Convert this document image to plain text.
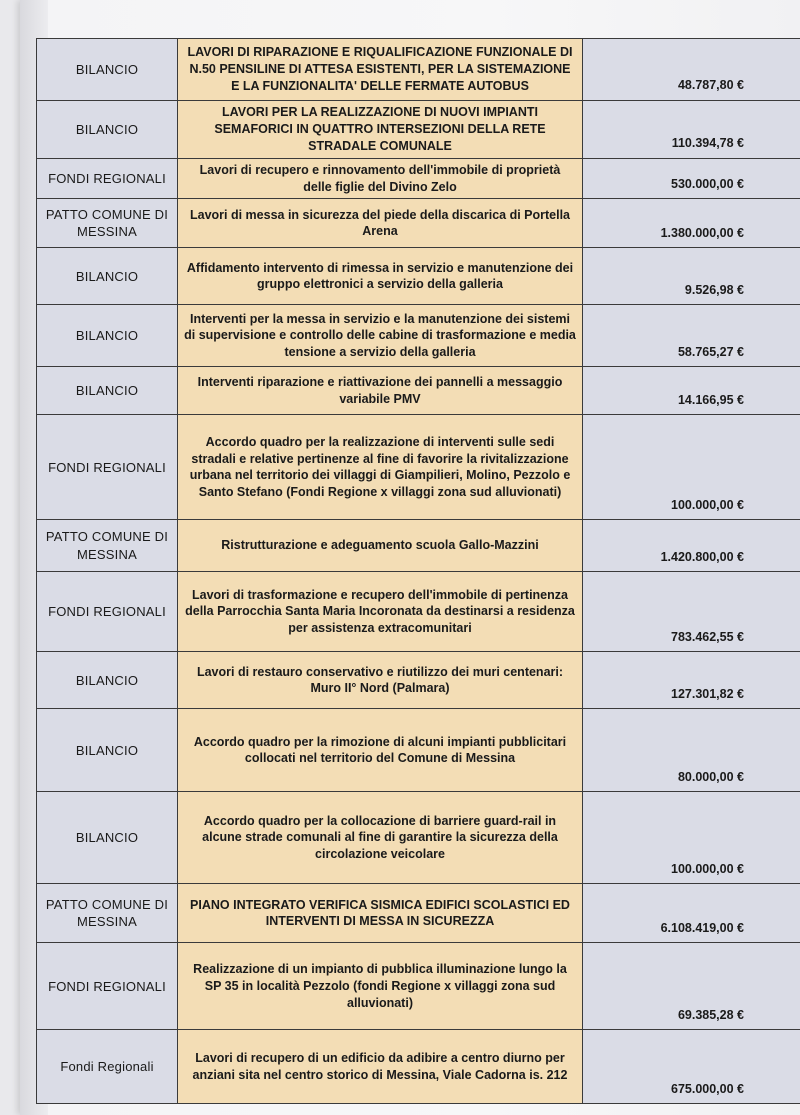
BILANCIO	LAVORI DI RIPARAZIONE E RIQUALIFICAZIONE FUNZIONALE DI N.50 PENSILINE DI ATTESA ESISTENTI, PER LA SISTEMAZIONE E LA FUNZIONALITA' DELLE FERMATE AUTOBUS	48.787,80 €
BILANCIO	LAVORI PER LA REALIZZAZIONE DI NUOVI IMPIANTI SEMAFORICI IN QUATTRO INTERSEZIONI DELLA RETE STRADALE COMUNALE	110.394,78 €
FONDI REGIONALI	Lavori di recupero e rinnovamento dell'immobile di proprietà delle figlie del Divino Zelo	530.000,00 €
PATTO COMUNE DI MESSINA	Lavori di messa in sicurezza del piede della discarica di Portella Arena	1.380.000,00 €
BILANCIO	Affidamento intervento di rimessa in servizio e manutenzione dei gruppo elettronici a servizio della galleria	9.526,98 €
BILANCIO	Interventi per la messa in servizio e la manutenzione dei sistemi di supervisione e controllo delle cabine di trasformazione e media tensione a servizio della galleria	58.765,27 €
BILANCIO	Interventi riparazione e riattivazione dei pannelli a messaggio variabile PMV	14.166,95 €
FONDI REGIONALI	Accordo quadro per la realizzazione di interventi sulle sedi stradali e relative pertinenze al fine di favorire la rivitalizzazione urbana nel territorio dei villaggi di Giampilieri, Molino, Pezzolo e Santo Stefano (Fondi Regione x villaggi zona sud alluvionati)	100.000,00 €
PATTO COMUNE DI MESSINA	Ristrutturazione e adeguamento scuola Gallo-Mazzini	1.420.800,00 €
FONDI REGIONALI	Lavori di trasformazione e recupero dell'immobile di pertinenza della Parrocchia Santa Maria Incoronata da destinarsi a residenza per assistenza extracomunitari	783.462,55 €
BILANCIO	Lavori di restauro conservativo e riutilizzo dei muri centenari: Muro II° Nord (Palmara)	127.301,82 €
BILANCIO	Accordo quadro per la rimozione di alcuni impianti pubblicitari collocati nel territorio del Comune di Messina	80.000,00 €
BILANCIO	Accordo quadro per la collocazione di barriere guard-rail in alcune strade comunali al fine di garantire la sicurezza della circolazione veicolare	100.000,00 €
PATTO COMUNE DI MESSINA	PIANO INTEGRATO VERIFICA SISMICA EDIFICI SCOLASTICI ED INTERVENTI DI MESSA IN SICUREZZA	6.108.419,00 €
FONDI REGIONALI	Realizzazione di un impianto di pubblica illuminazione lungo la SP 35 in località Pezzolo (fondi Regione x villaggi zona sud alluvionati)	69.385,28 €
Fondi Regionali	Lavori di recupero di un edificio da adibire a centro diurno per anziani sita nel centro storico di Messina, Viale Cadorna is. 212	675.000,00 €
